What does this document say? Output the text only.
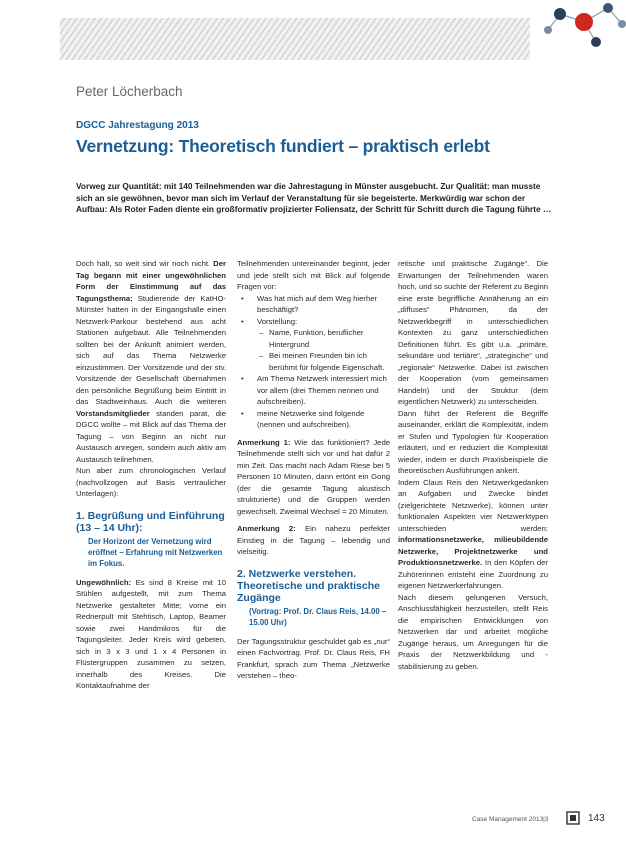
Peter Löcherbach
DGCC Jahrestagung 2013
Vernetzung: Theoretisch fundiert – praktisch erlebt
Vorweg zur Quantität: mit 140 Teilnehmenden war die Jahrestagung in Münster ausgebucht. Zur Qualität: man musste sich an sie gewöhnen, bevor man sich im Verlauf der Veranstaltung für sie begeisterte. Merkwürdig war schon der Aufbau: Als Roter Faden diente ein großformativ projizierter Foliensatz, der Schritt für Schritt durch die Tagung führte …

Doch halt, so weit sind wir noch nicht. Der Tag begann mit einer ungewöhnlichen Form der Einstimmung auf das Tagungsthema: Studierende der KatHO-Münster hatten in der Eingangshalle einen Netzwerk-Parkour bestehend aus acht Stationen aufgebaut. Alle Teilnehmenden sollten bei der Ankunft animiert werden, sich auf das Thema Netzwerke einzustimmen. Der Vorsitzende und der stv. Vorsitzende der Gesellschaft übernahmen den persönliche Begrüßung beim Eintritt in das Stadtweinhaus. Auch die weiteren Vorstandsmitglieder standen parat, die DGCC wollte – mit Blick auf das Thema der Tagung – von Beginn an nicht nur Austausch anregen, sondern auch aktiv am Austausch teilnehmen.

Nun aber zum chronologischen Verlauf (nachvollzogen auf Basis vertraulicher Unterlagen):

1. Begrüßung und Einführung (13 – 14 Uhr):
Der Horizont der Vernetzung wird eröffnet – Erfahrung mit Netzwerken im Fokus.

Ungewöhnlich: Es sind 8 Kreise mit 10 Stühlen aufgestellt, mit zum Thema Netzwerke gestalteter Mitte; vorne ein Rednerpult mit Stehtisch, Laptop, Beamer sowie zwei Handmikros für die Tagungsleiter. Jeder Kreis wird gebeten, sich in 3 x 3 und 1 x 4 Personen in Flüstergruppen zusammen zu setzen, innerhalb des Kreises. Die Kontaktaufnahme der

Teilnehmenden untereinander beginnt, jeder und jede stellt sich mit Blick auf folgende Fragen vor:

• Was hat mich auf dem Weg hierher beschäftigt?
• Vorstellung:
– Name, Funktion, beruflicher Hintergrund
– Bei meinen Freunden bin ich berühmt für folgende Eigenschaft.
• Am Thema Netzwerk interessiert mich vor allem (drei Themen nennen und aufschreiben).
• meine Netzwerke sind folgende (nennen und aufschreiben).

Anmerkung 1: Wie das funktioniert? Jede Teilnehmende stellt sich vor und hat dafür 2 min Zeit. Das macht nach Adam Riese bei 5 Personen 10 Minuten, dann ertönt ein Gong (der die gesamte Tagung akustisch strukturierte) und die Gruppen werden gewechselt. Zweimal Wechsel = 20 Minuten.

Anmerkung 2: Ein nahezu perfekter Einstieg in die Tagung – lebendig und vielseitig.

2. Netzwerke verstehen. Theoretische und praktische Zugänge
(Vortrag: Prof. Dr. Claus Reis, 14.00 – 15.00 Uhr)

Der Tagungsstruktur geschuldet gab es „nur“ einen Fachvortrag. Prof. Dr. Claus Reis, FH Frankfurt, sprach zum Thema „Netzwerke verstehen – theo-

retische und praktische Zugänge“. Die Erwartungen der Teilnehmenden waren hoch, und so suchte der Referent zu Beginn eine erste begriffliche Annäherung an ein „diffuses“ Phänomen, da der Netzwerkbegriff in unterschiedlichen Kontexten zu ganz unterschiedlichen Definitionen führt. Es gibt u.a. „primäre, sekundäre und tertiäre“, „strategische“ und „regionale“ Netzwerke. Dabei ist zwischen der Kooperation (vom gemeinsamen Handeln) und der Struktur (dem eigentlichen Netzwerk) zu unterscheiden.

Dann führt der Referent die Begriffe auseinander, erklärt die Komplexität, indem er Stufen und Typologien für Kooperation erläutert, und er reduziert die Komplexität wieder, indem er durch Praxisbeispiele die theoretischen Ausführungen ankert.

Indem Claus Reis den Netzwerkgedanken an Aufgaben und Zwecke bindet (zielgerichtete Netzwerke), können unter funktionalen Aspekten vier Netzwerktypen unterschieden werden: informationsnetzwerke, milieubildende Netzwerke, Projektnetzwerke und Produktionsnetzwerke. In den Köpfen der Zuhörerinnen entsteht eine Zuordnung zu eigenen Netzwerkerfahrungen.

Nach diesem gelungenen Versuch, Anschlussfähigkeit herzustellen, stellt Reis die empirischen Entwicklungen von Netzwerken dar und arbeitet mögliche Zugänge heraus, um Anregungen für die Praxis der Netzwerkbildung und -stabilisierung zu geben.

Case Management 2013|3	143
